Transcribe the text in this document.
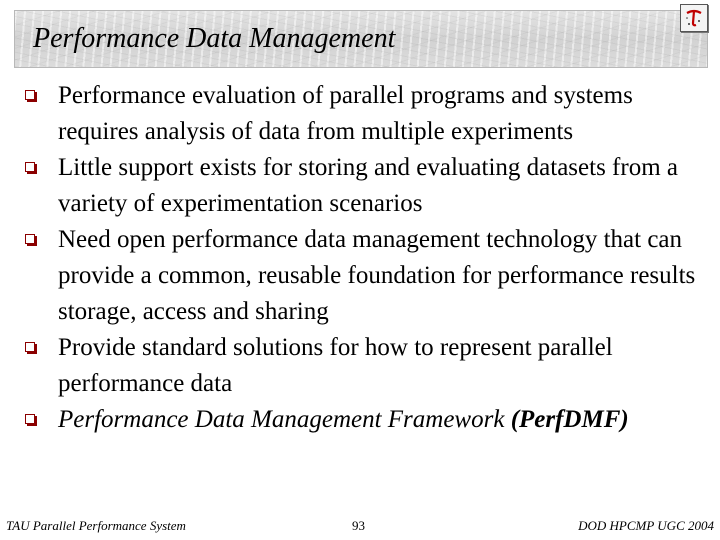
Performance Data Management
Performance evaluation of parallel programs and systems requires analysis of data from multiple experiments
Little support exists for storing and evaluating datasets from a variety of experimentation scenarios
Need open performance data management technology that can provide a common, reusable foundation for performance results storage, access and sharing
Provide standard solutions for how to represent parallel performance data
Performance Data Management Framework (PerfDMF)
TAU Parallel Performance System	93	DOD HPCMP UGC 2004
